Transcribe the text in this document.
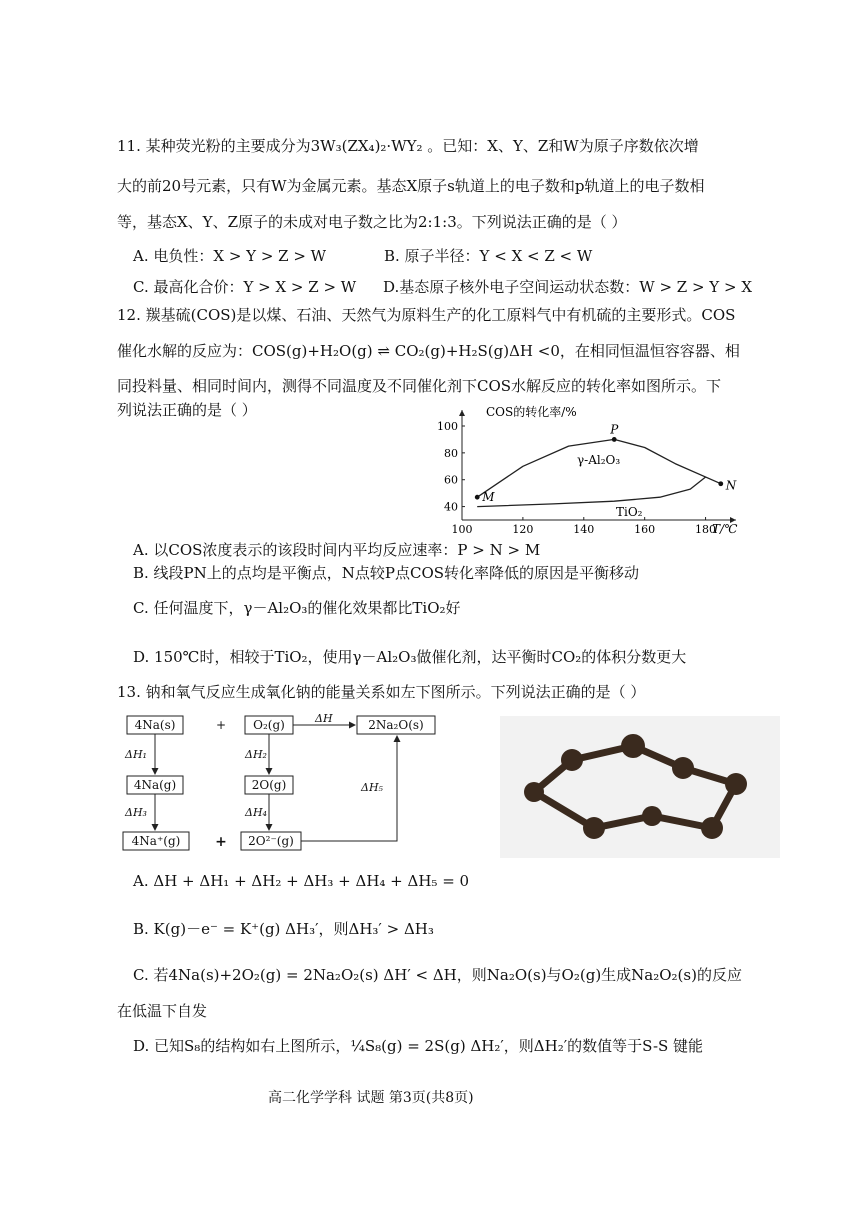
11. 某种荧光粉的主要成分为3W₃(ZX₄)₂·WY₂ 。已知：X、Y、Z和W为原子序数依次增
大的前20号元素，只有W为金属元素。基态X原子s轨道上的电子数和p轨道上的电子数相
等，基态X、Y、Z原子的未成对电子数之比为2:1:3。下列说法正确的是（ ）
A. 电负性：X > Y > Z > W	B. 原子半径：Y < X < Z < W
C. 最高化合价：Y > X > Z > W D.基态原子核外电子空间运动状态数：W > Z > Y > X
12. 羰基硫(COS)是以煤、石油、天然气为原料生产的化工原料气中有机硫的主要形式。COS
催化水解的反应为：COS(g)+H₂O(g) ⇌ CO₂(g)+H₂S(g)ΔH <0，在相同恒温恒容容器、相
同投料量、相同时间内，测得不同温度及不同催化剂下COS水解反应的转化率如图所示。下
列说法正确的是（ ）
100	120	140	160	180
40
60
80
100	P
M
N
COS的转化率/%
T/℃
γ-Al₂O₃
TiO₂
A. 以COS浓度表示的该段时间内平均反应速率：P > N > M
B. 线段PN上的点均是平衡点，N点较P点COS转化率降低的原因是平衡移动
C. 任何温度下，γ－Al₂O₃的催化效果都比TiO₂好
D. 150℃时，相较于TiO₂，使用γ－Al₂O₃做催化剂，达平衡时CO₂的体积分数更大
13. 钠和氧气反应生成氧化钠的能量关系如左下图所示。下列说法正确的是（ ）
4Na(s)	+ O₂(g)	ΔH	2Na₂O(s)
ΔH₁	ΔH₂
4Na(g)	2O(g)	ΔH₅
ΔH₃	ΔH₄
4Na⁺(g) + 2O²⁻(g)
A. ΔH + ΔH₁ + ΔH₂ + ΔH₃ + ΔH₄ + ΔH₅ = 0
B. K(g)－e⁻ = K⁺(g) ΔH₃′，则ΔH₃′ > ΔH₃
C. 若4Na(s)+2O₂(g) = 2Na₂O₂(s) ΔH′ < ΔH，则Na₂O(s)与O₂(g)生成Na₂O₂(s)的反应
在低温下自发
D. 已知S₈的结构如右上图所示，¼S₈(g) = 2S(g) ΔH₂′，则ΔH₂′的数值等于S-S 键能
高二化学学科 试题 第3页(共8页)
